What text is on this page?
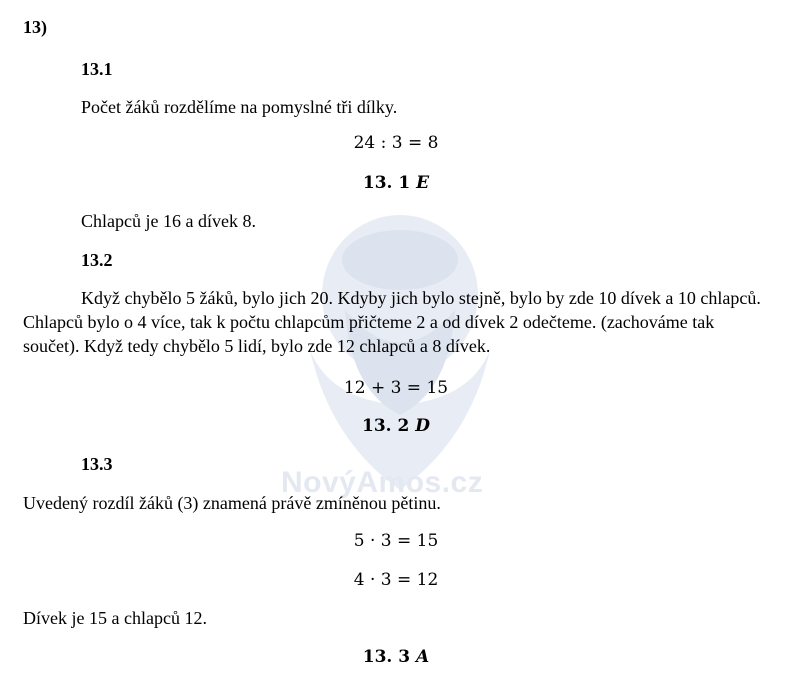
NovýAmos.cz
13)
13.1
Počet žáků rozdělíme na pomyslné tři dílky.
24 : 3 = 8
13. 1 E
Chlapců je 16 a dívek 8.
13.2
Když chybělo 5 žáků, bylo jich 20. Kdyby jich bylo stejně, bylo by zde 10 dívek a 10 chlapců. Chlapců bylo o 4 více, tak k počtu chlapcům přičteme 2 a od dívek 2 odečteme. (zachováme tak součet). Když tedy chybělo 5 lidí, bylo zde 12 chlapců a 8 dívek.
12 + 3 = 15
13. 2 D
13.3
Uvedený rozdíl žáků (3) znamená právě zmíněnou pětinu.
5 · 3 = 15
4 · 3 = 12
Dívek je 15 a chlapců 12.
13. 3 A
